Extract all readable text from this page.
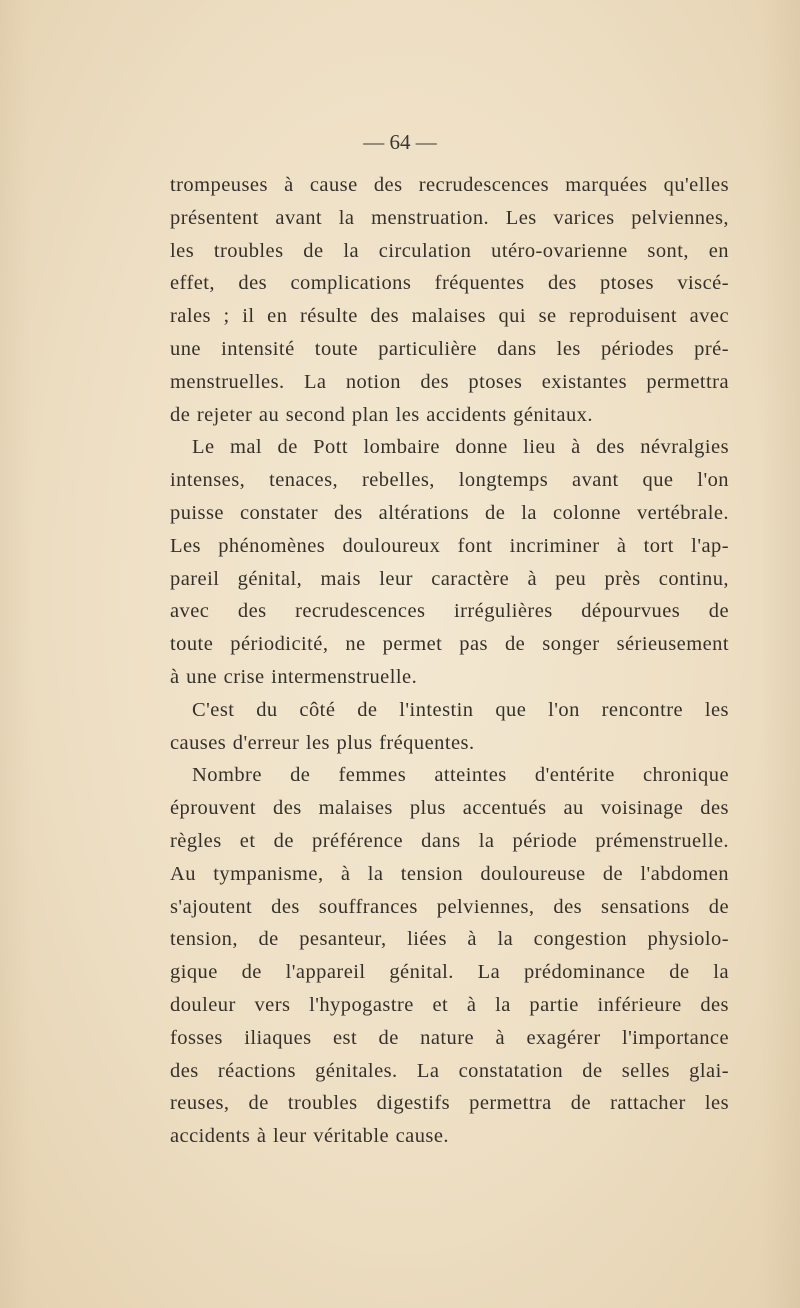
— 64 —
trompeuses à cause des recrudescences marquées qu'elles
présentent avant la menstruation. Les varices pelviennes,
les troubles de la circulation utéro-ovarienne sont, en
effet, des complications fréquentes des ptoses viscé-
rales ; il en résulte des malaises qui se reproduisent avec
une intensité toute particulière dans les périodes pré-
menstruelles. La notion des ptoses existantes permettra
de rejeter au second plan les accidents génitaux.
Le mal de Pott lombaire donne lieu à des névralgies
intenses, tenaces, rebelles, longtemps avant que l'on
puisse constater des altérations de la colonne vertébrale.
Les phénomènes douloureux font incriminer à tort l'ap-
pareil génital, mais leur caractère à peu près continu,
avec des recrudescences irrégulières dépourvues de
toute périodicité, ne permet pas de songer sérieusement
à une crise intermenstruelle.
C'est du côté de l'intestin que l'on rencontre les
causes d'erreur les plus fréquentes.
Nombre de femmes atteintes d'entérite chronique
éprouvent des malaises plus accentués au voisinage des
règles et de préférence dans la période prémenstruelle.
Au tympanisme, à la tension douloureuse de l'abdomen
s'ajoutent des souffrances pelviennes, des sensations de
tension, de pesanteur, liées à la congestion physiolo-
gique de l'appareil génital. La prédominance de la
douleur vers l'hypogastre et à la partie inférieure des
fosses iliaques est de nature à exagérer l'importance
des réactions génitales. La constatation de selles glai-
reuses, de troubles digestifs permettra de rattacher les
accidents à leur véritable cause.
